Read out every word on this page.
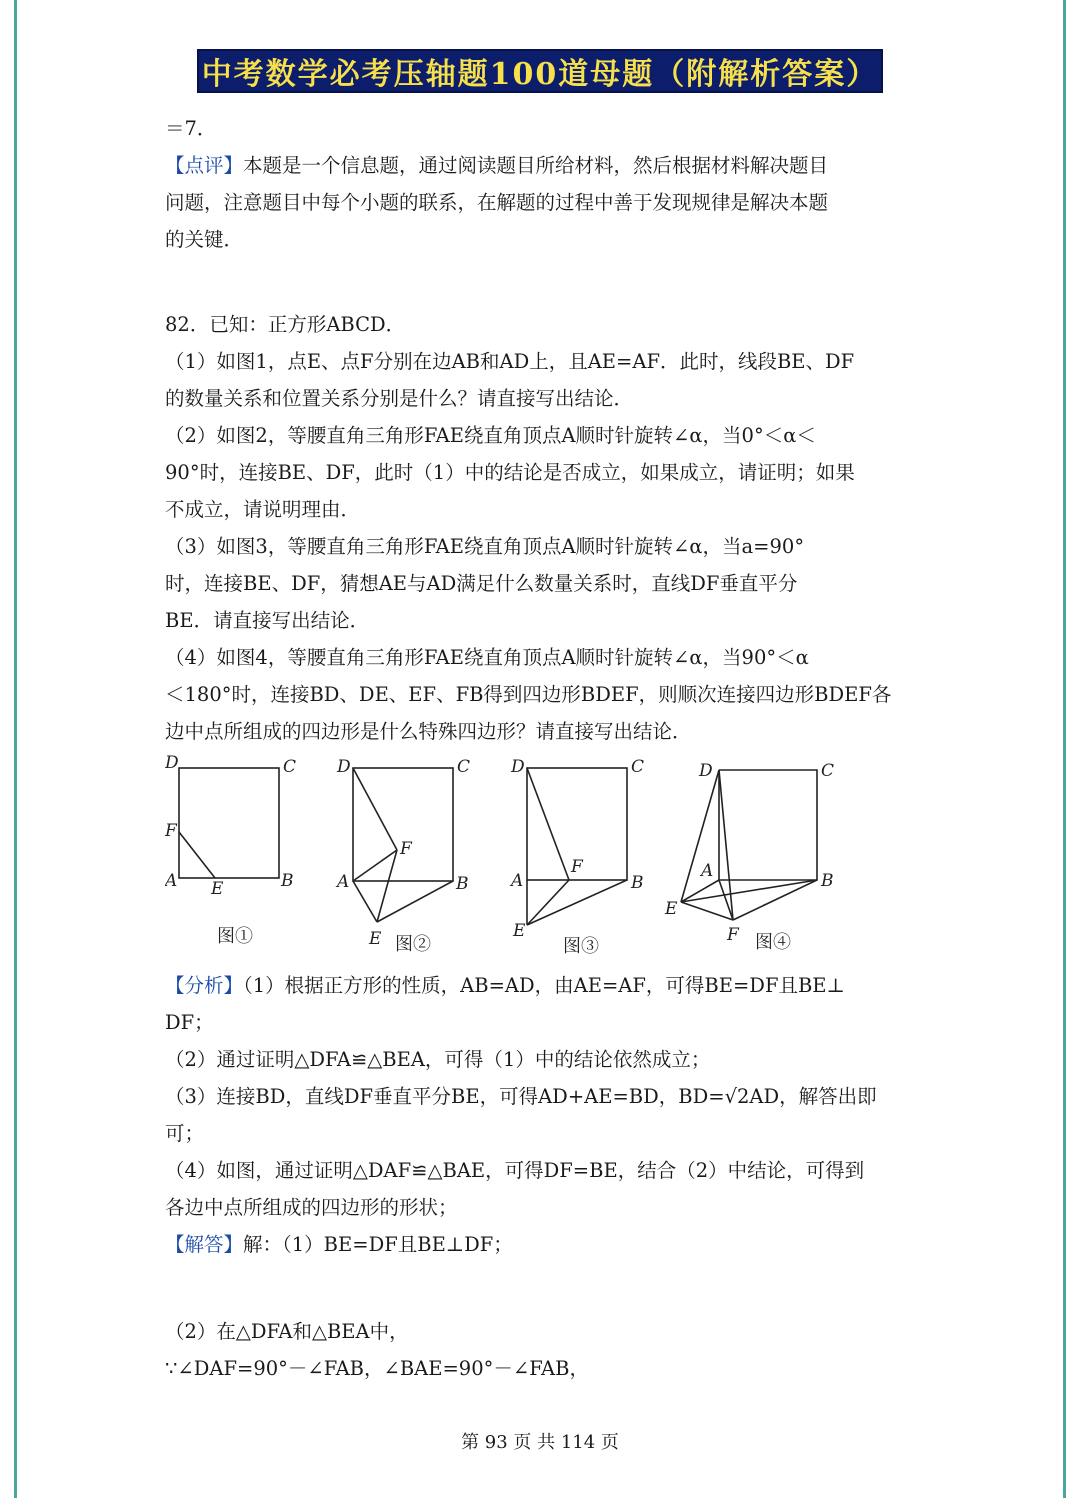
中考数学必考压轴题100道母题（附解析答案）

＝7．

【点评】本题是一个信息题，通过阅读题目所给材料，然后根据材料解决题目

问题，注意题目中每个小题的联系，在解题的过程中善于发现规律是解决本题

的关键．

82．已知：正方形ABCD．

（1）如图1，点E、点F分别在边AB和AD上，且AE=AF．此时，线段BE、DF

的数量关系和位置关系分别是什么？请直接写出结论．

（2）如图2，等腰直角三角形FAE绕直角顶点A顺时针旋转∠α，当0°＜α＜

90°时，连接BE、DF，此时（1）中的结论是否成立，如果成立，请证明；如果

不成立，请说明理由．

（3）如图3，等腰直角三角形FAE绕直角顶点A顺时针旋转∠α，当a=90°

时，连接BE、DF，猜想AE与AD满足什么数量关系时，直线DF垂直平分

BE．请直接写出结论．

（4）如图4，等腰直角三角形FAE绕直角顶点A顺时针旋转∠α，当90°＜α

＜180°时，连接BD、DE、EF、FB得到四边形BDEF，则顺次连接四边形BDEF各

边中点所组成的四边形是什么特殊四边形？请直接写出结论．

D	C
F
A E	B
图①
D	C
F
A
E
B
图②
D	C
F
A
E
B
图③
D	C
A
E
F
B
图④

【分析】（1）根据正方形的性质，AB=AD，由AE=AF，可得BE=DF且BE⊥

DF；

（2）通过证明△DFA≌△BEA，可得（1）中的结论依然成立；

（3）连接BD，直线DF垂直平分BE，可得AD+AE=BD，BD=√2AD，解答出即

可；

（4）如图，通过证明△DAF≌△BAE，可得DF=BE，结合（2）中结论，可得到

各边中点所组成的四边形的形状；

【解答】解：（1）BE=DF且BE⊥DF；

（2）在△DFA和△BEA中，

∵∠DAF=90°－∠FAB，∠BAE=90°－∠FAB，

第 93 页 共 114 页
